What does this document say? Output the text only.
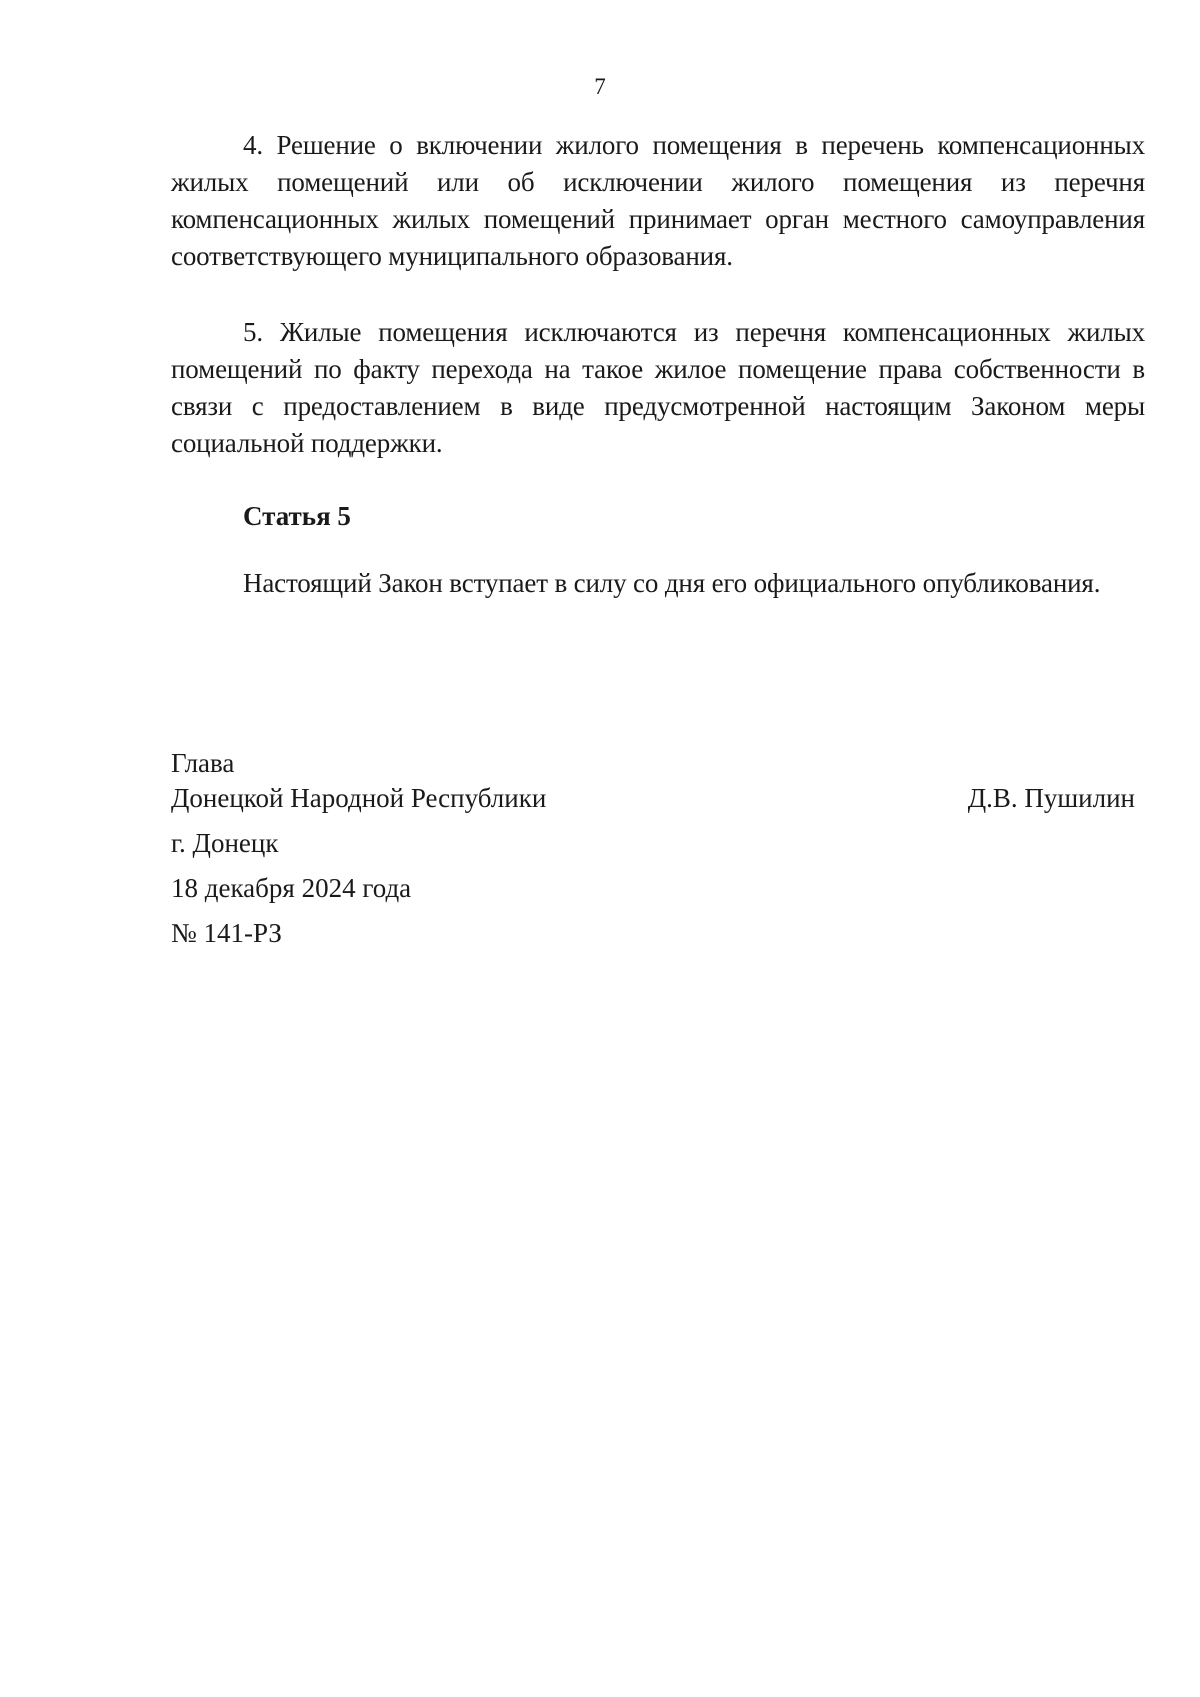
7

4. Решение о включении жилого помещения в перечень компенсационных жилых помещений или об исключении жилого помещения из перечня компенсационных жилых помещений принимает орган местного самоуправления соответствующего муниципального образования.

5. Жилые помещения исключаются из перечня компенсационных жилых помещений по факту перехода на такое жилое помещение права собственности в связи с предоставлением в виде предусмотренной настоящим Законом меры социальной поддержки.

Статья 5

Настоящий Закон вступает в силу со дня его официального опубликования.

Глава

Донецкой Народной Республики	Д.В. Пушилин

г. Донецк

18 декабря 2024 года

№ 141-РЗ
